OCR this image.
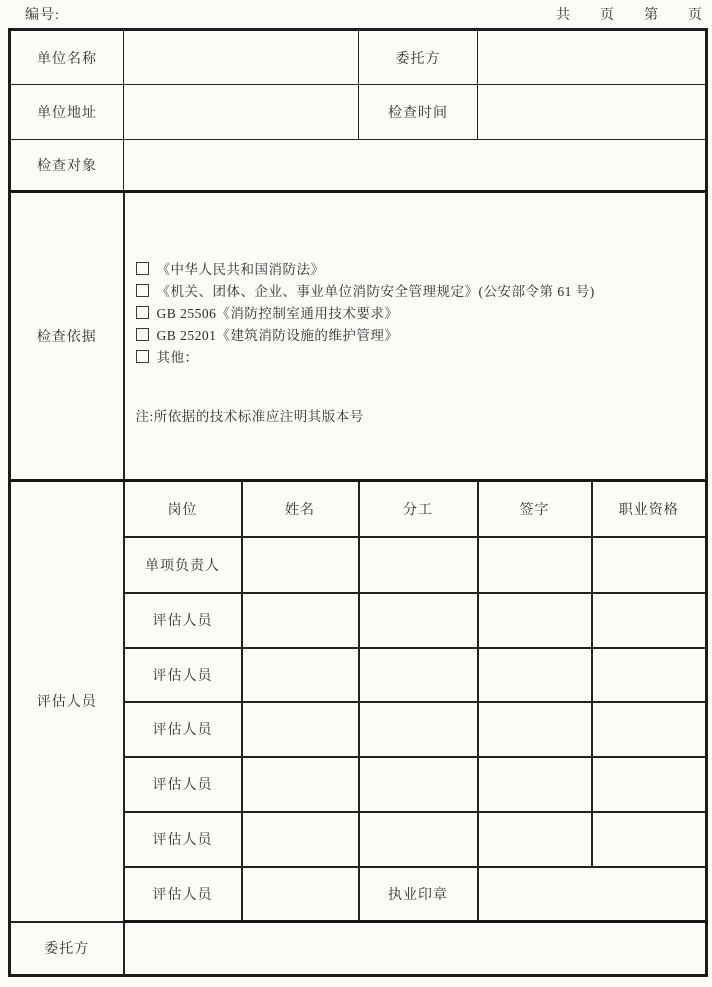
编号:	共 页 第 页
单位名称			委托方		
单位地址			检查时间		
检查对象					
检查依据	
《中华人民共和国消防法》
《机关、团体、企业、事业单位消防安全管理规定》(公安部令第 61 号)
GB 25506《消防控制室通用技术要求》
GB 25201《建筑消防设施的维护管理》
其他：
注:所依据的技术标准应注明其版本号

评估人员	岗位	姓名	分工	签字	职业资格
	单项负责人				
	评估人员				
	评估人员				
	评估人员				
	评估人员				
	评估人员				
	评估人员		执业印章		
委托方					
